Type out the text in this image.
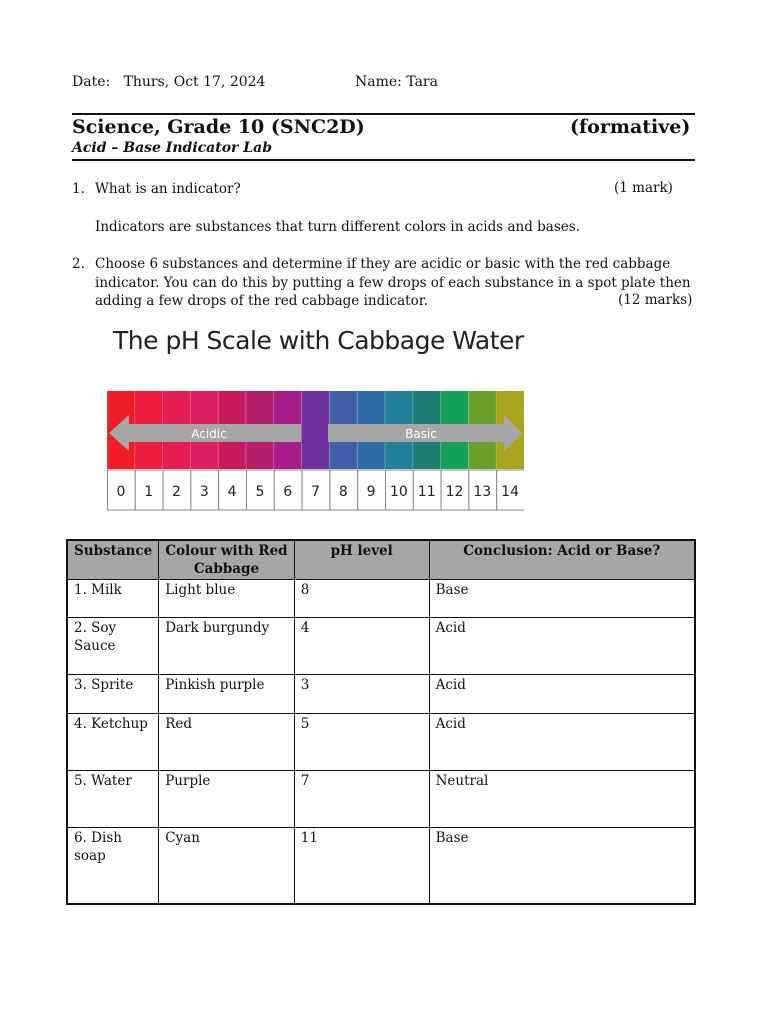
Date: Thurs, Oct 17, 2024	Name: Tara
Science, Grade 10 (SNC2D)	(formative)
Acid – Base Indicator Lab
1. What is an indicator?	(1 mark)
Indicators are substances that turn different colors in acids and bases.
2. Choose 6 substances and determine if they are acidic or basic with the red cabbage
indicator. You can do this by putting a few drops of each substance in a spot plate then
adding a few drops of the red cabbage indicator.	(12 marks)
The pH Scale with Cabbage Water
Acidic	Basic
0 1 2 3 4 5 6 7 8 9 10 11 12 13 14
Substance	Colour with Red Cabbage	pH level	Conclusion: Acid or Base?
1. Milk	Light blue	8	Base
2. Soy Sauce	Dark burgundy	4	Acid
3. Sprite	Pinkish purple	3	Acid
4. Ketchup	Red	5	Acid
5. Water	Purple	7	Neutral
6. Dish soap	Cyan	11	Base
